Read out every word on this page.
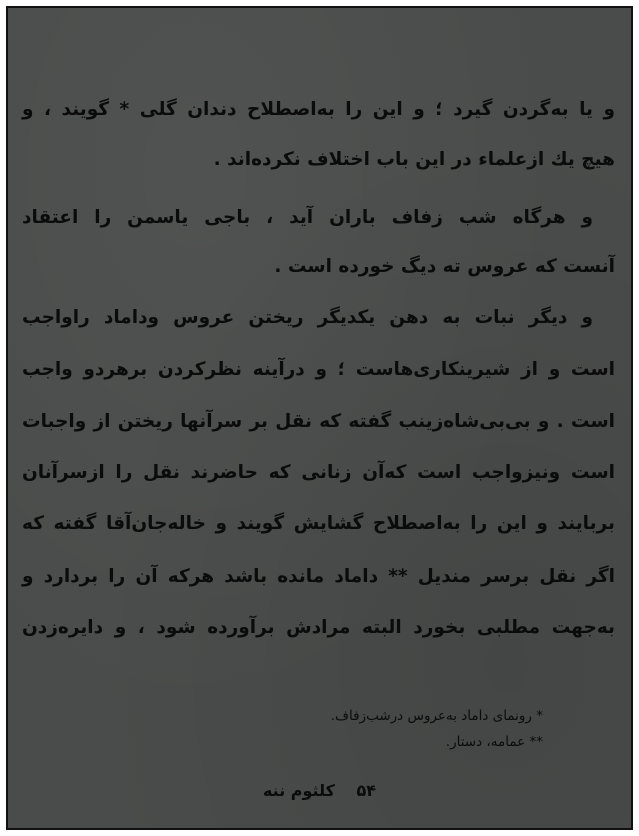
و یا به‌گردن گیرد ؛ و این را به‌اصطلاح دندان گلی * گویند ، و
هیچ یك ازعلماء در این باب اختلاف نکرده‌اند .
و هرگاه شب زفاف باران آید ، باجی یاسمن را اعتقاد
آنست که عروس ته دیگ خورده است .
و دیگر نبات به دهن یکدیگر ریختن عروس وداماد راواجب
است و از شیرینکاری‌هاست ؛ و درآینه نظرکردن برهردو واجب
است . و بی‌بی‌شاه‌زینب گفته که نقل بر سرآنها ریختن از واجبات
است ونیزواجب است که‌آن زنانی که حاضرند نقل را ازسرآنان
بربایند و این را به‌اصطلاح گشایش گویند و خاله‌جان‌آقا گفته که
اگر نقل برسر مندیل ** داماد مانده باشد هرکه آن را بردارد و
به‌جهت مطلبی بخورد البته مرادش برآورده شود ، و دایره‌زدن
* رونمای داماد به‌عروس درشب‌زفاف.
** عمامه، دستار.
۵۴ کلثوم ننه
